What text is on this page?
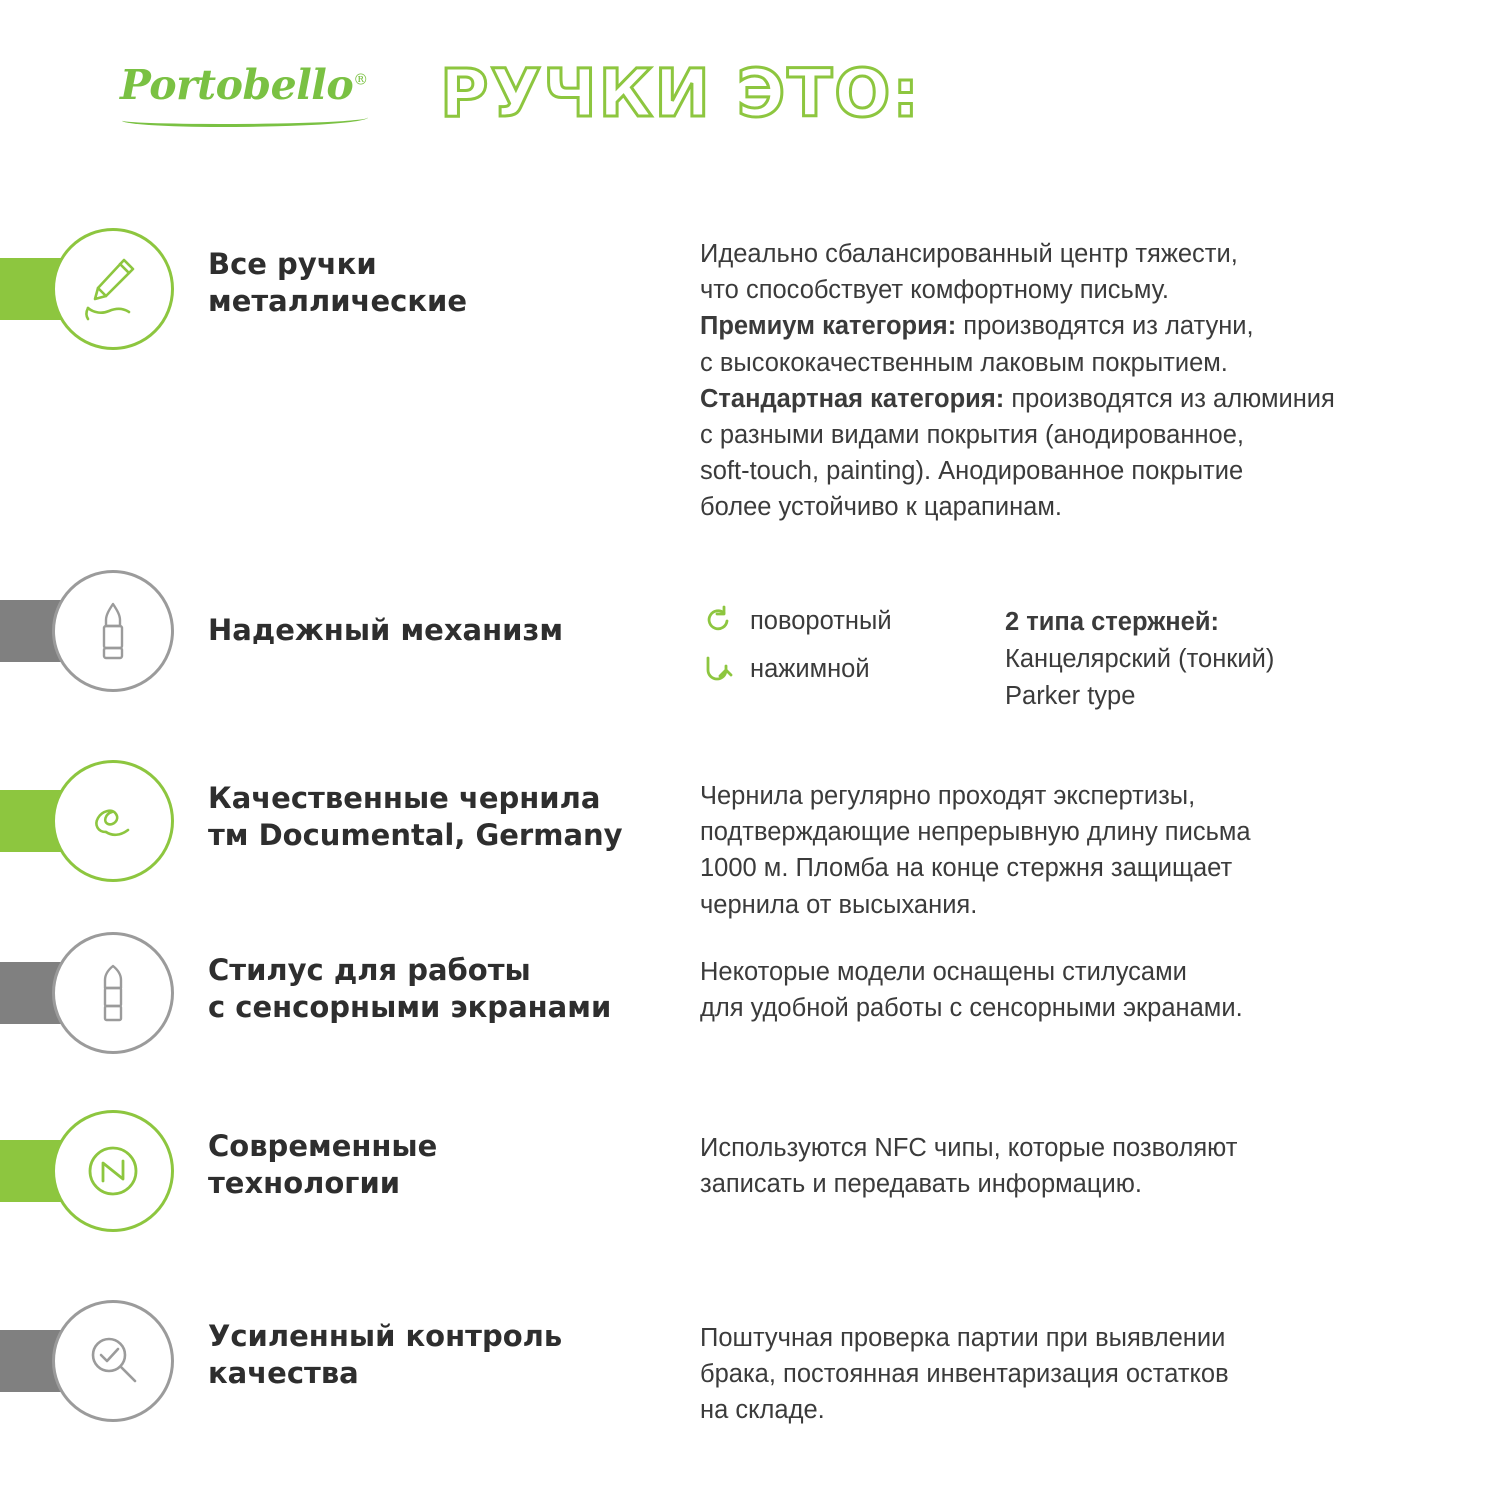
Portobello® РУЧКИ ЭТО:
Все ручки
металлические
Идеально сбалансированный центр тяжести,
что способствует комфортному письму.
Премиум категория: производятся из латуни,
с высококачественным лаковым покрытием.
Стандартная категория: производятся из алюминия
с разными видами покрытия (анодированное,
soft-touch, painting). Анодированное покрытие
более устойчиво к царапинам.
Надежный механизм	поворотный
нажимной
2 типа стержней:
Канцелярский (тонкий)
Parker type
Качественные чернила
тм Documental, Germany
Чернила регулярно проходят экспертизы,
подтверждающие непрерывную длину письма
1000 м. Пломба на конце стержня защищает
чернила от высыхания.
Стилус для работы
с сенсорными экранами
Некоторые модели оснащены стилусами
для удобной работы с сенсорными экранами.
Современные
технологии
Используются NFC чипы, которые позволяют
записать и передавать информацию.
Усиленный контроль
качества
Поштучная проверка партии при выявлении
брака, постоянная инвентаризация остатков
на складе.
